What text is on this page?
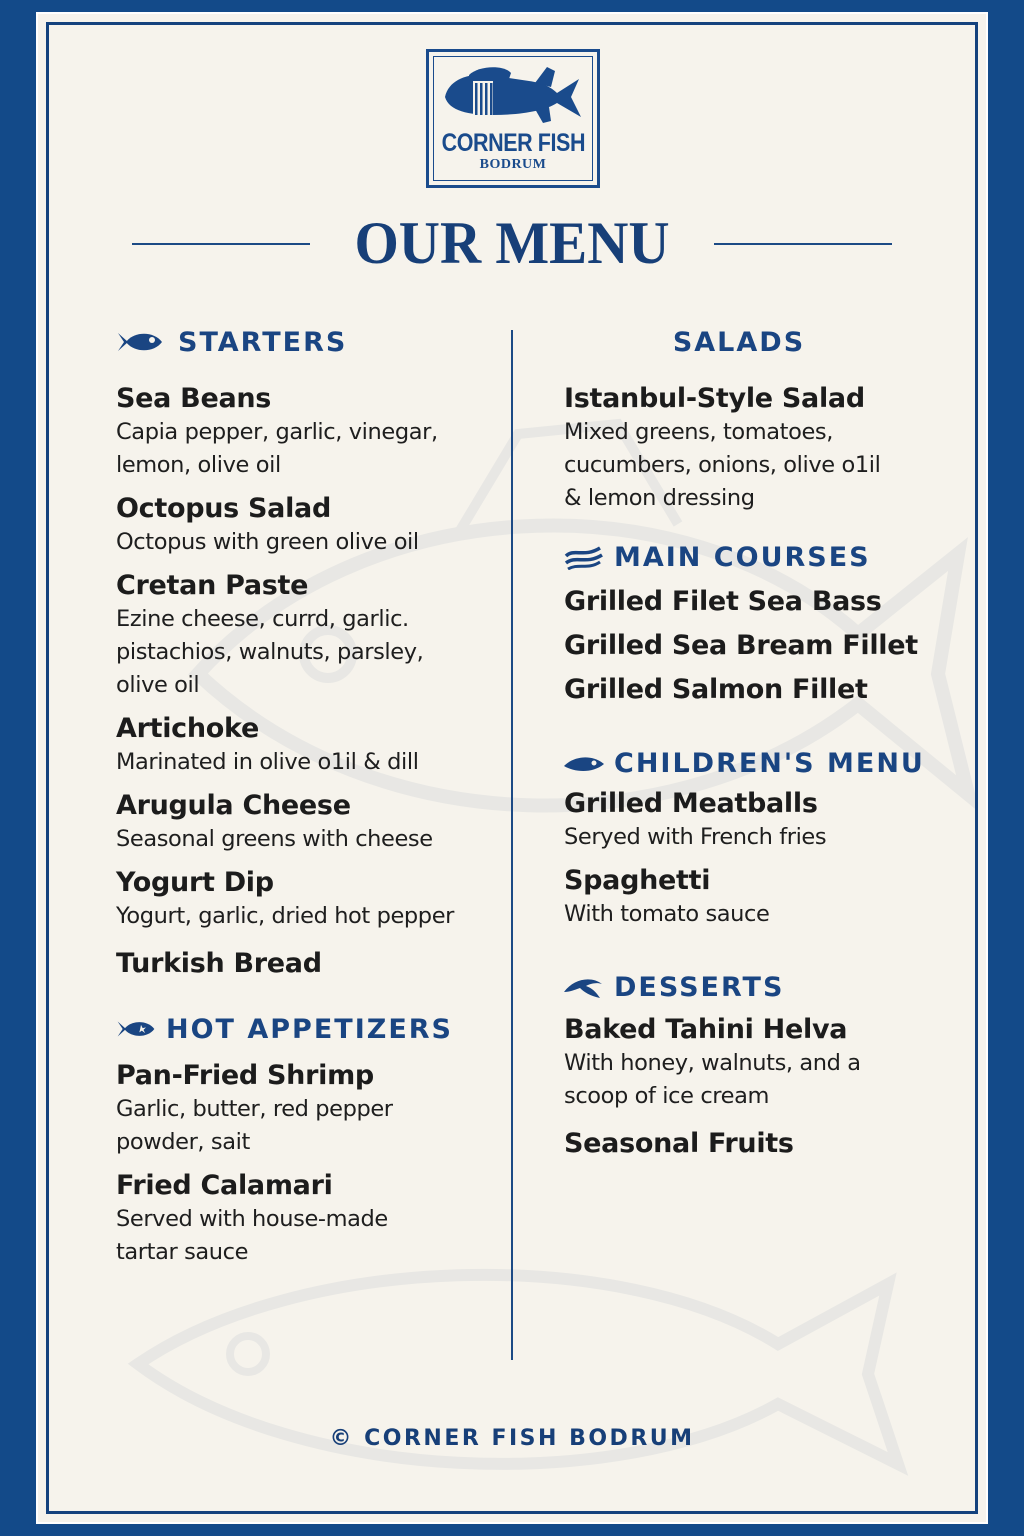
CORNER FISH
BODRUM
OUR MENU
STARTERS
Sea Beans
Capia pepper, garlic, vinegar,
lemon, olive oil
Octopus Salad
Octopus with green olive oil
Cretan Paste
Ezine cheese, currd, garlic.
pistachios, walnuts, parsley,
olive oil
Artichoke
Marinated in olive o1il & dill
Arugula Cheese
Seasonal greens with cheese
Yogurt Dip
Yogurt, garlic, dried hot pepper
Turkish Bread
HOT APPETIZERS
Pan-Fried Shrimp
Garlic, butter, red pepper
powder, sait
Fried Calamari
Served with house-made
tartar sauce
SALADS
Istanbul-Style Salad
Mixed greens, tomatoes,
cucumbers, onions, olive o1il
& lemon dressing
MAIN COURSES
Grilled Filet Sea Bass
Grilled Sea Bream Fillet
Grilled Salmon Fillet
CHILDREN'S MENU
Grilled Meatballs
Seryed with French fries
Spaghetti
With tomato sauce
DESSERTS
Baked Tahini Helva
With honey, walnuts, and a
scoop of ice cream
Seasonal Fruits
© CORNER FISH BODRUM
